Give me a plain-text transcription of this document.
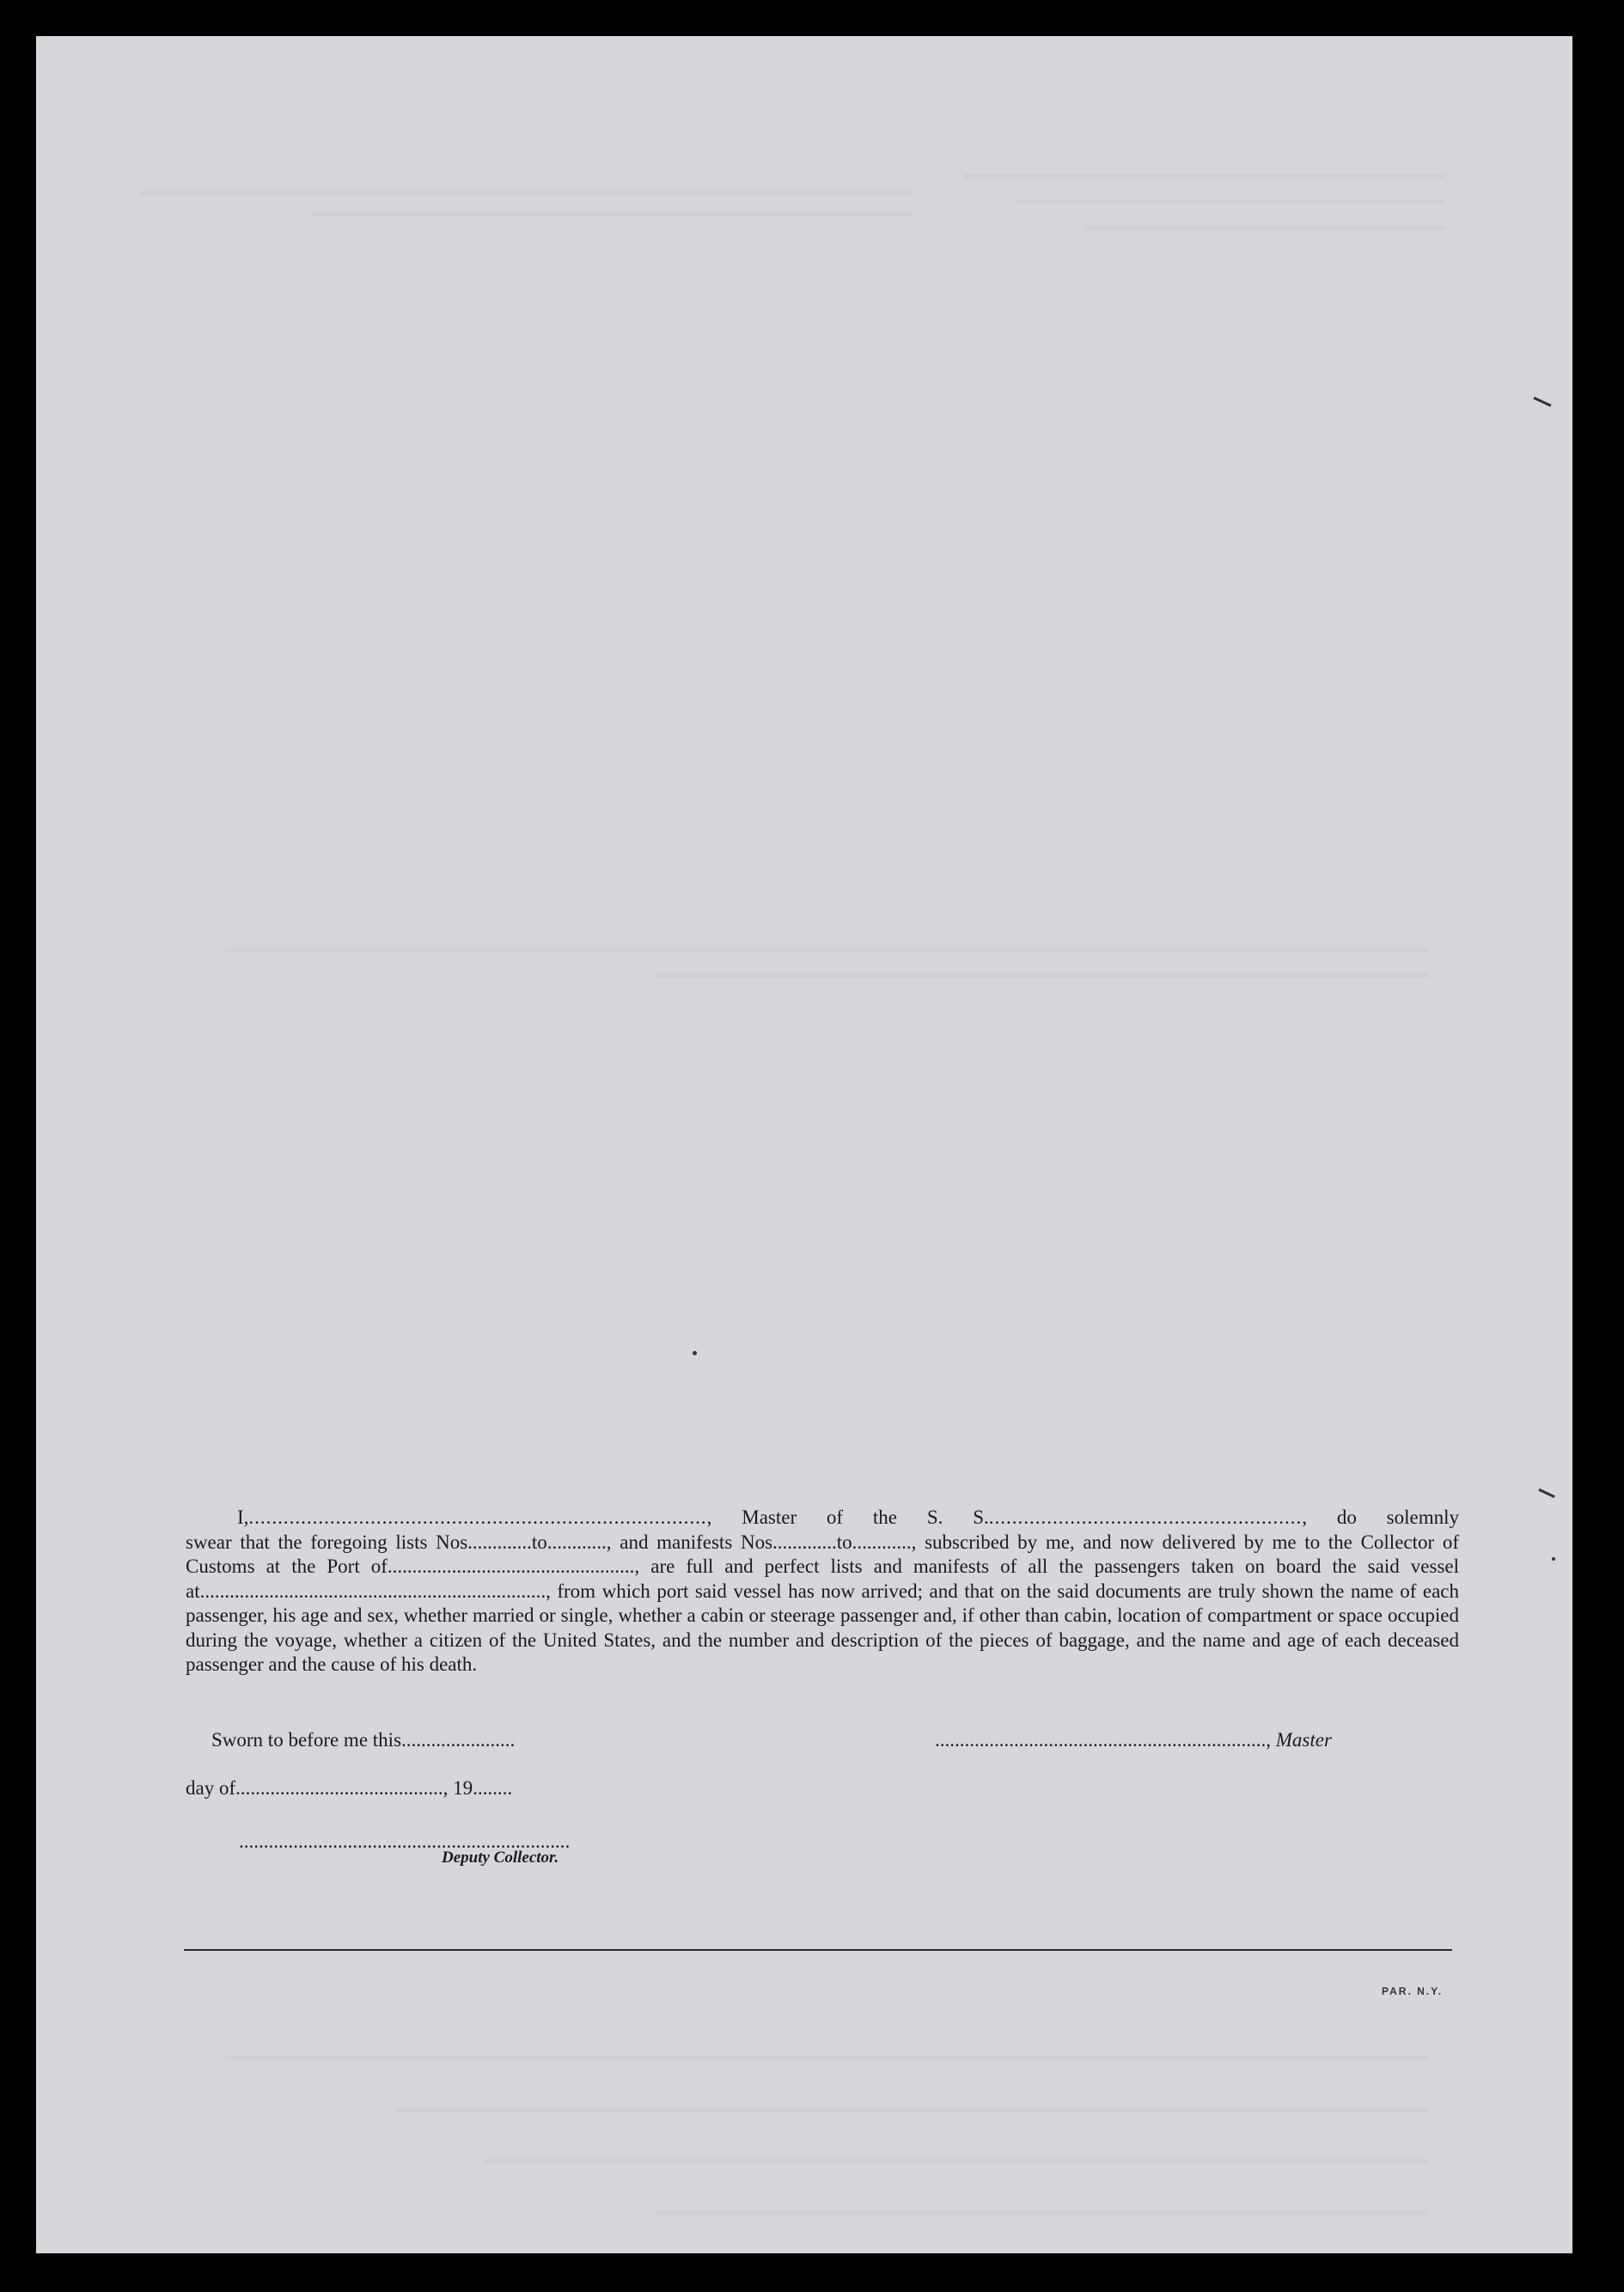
I,..............................................................................., Master of the S. S......................................................., do solemnly

swear that the foregoing lists Nos.............to............, and manifests Nos.............to............, subscribed by me, and now delivered by me to the Collector of Customs at the Port of.................................................., are full and perfect lists and manifests of all the passengers taken on board the said vessel at......................................................................, from which port said vessel has now arrived; and that on the said documents are truly shown the name of each passenger, his age and sex, whether married or single, whether a cabin or steerage passenger and, if other than cabin, location of compartment or space occupied during the voyage, whether a citizen of the United States, and the number and description of the pieces of baggage, and the name and age of each deceased passenger and the cause of his death.

Sworn to before me this.......................	..................................................................., Master
day of.........................................., 19........
...................................................................
Deputy Collector.
PAR. N.Y.
